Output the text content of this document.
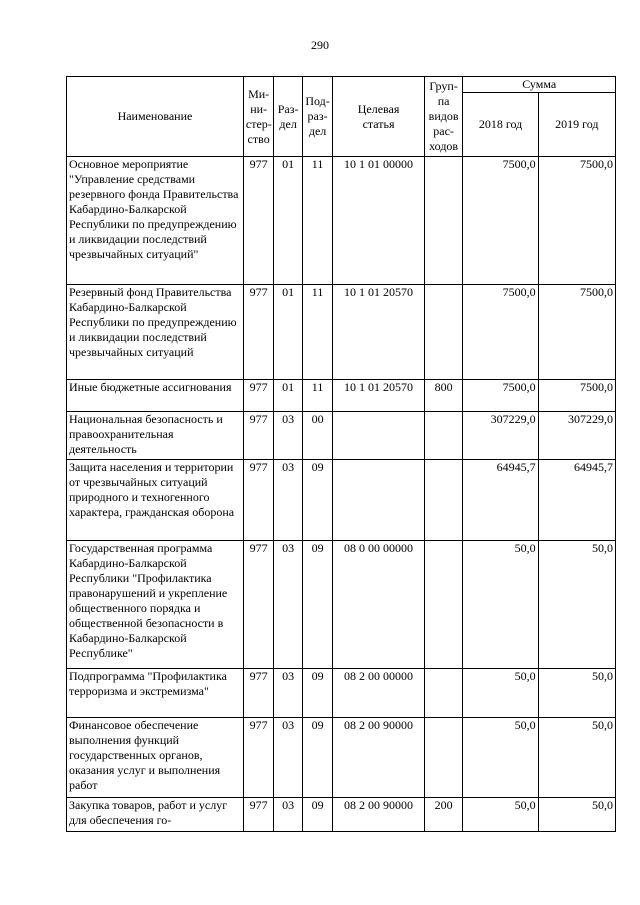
290
Наименование	Ми-
ни-
стер-
ство	Раз-
дел	Под-
раз-
дел	Целевая
статья	Груп-
па
видов
рас-
ходов	Сумма	
						2018 год	2019 год
Основное мероприятие "Управление средствами резервного фонда Правительства Кабардино-Балкарской Республики по предупреждению и ликвидации последствий чрезвычайных ситуаций"	977	01	11	10 1 01 00000		7500,0	7500,0
Резервный фонд Правительства Кабардино-Балкарской Республики по предупреждению и ликвидации последствий чрезвычайных ситуаций	977	01	11	10 1 01 20570		7500,0	7500,0
Иные бюджетные ассигнования	977	01	11	10 1 01 20570	800	7500,0	7500,0
Национальная безопасность и правоохранительная деятельность	977	03	00			307229,0	307229,0
Защита населения и территории от чрезвычайных ситуаций природного и техногенного характера, гражданская оборона	977	03	09			64945,7	64945,7
Государственная программа Кабардино-Балкарской Республики "Профилактика правонарушений и укрепление общественного порядка и общественной безопасности в Кабардино-Балкарской Республике"	977	03	09	08 0 00 00000		50,0	50,0
Подпрограмма "Профилактика терроризма и экстремизма"	977	03	09	08 2 00 00000		50,0	50,0
Финансовое обеспечение выполнения функций государственных органов, оказания услуг и выполнения работ	977	03	09	08 2 00 90000		50,0	50,0
Закупка товаров, работ и услуг для обеспечения го-	977	03	09	08 2 00 90000	200	50,0	50,0
